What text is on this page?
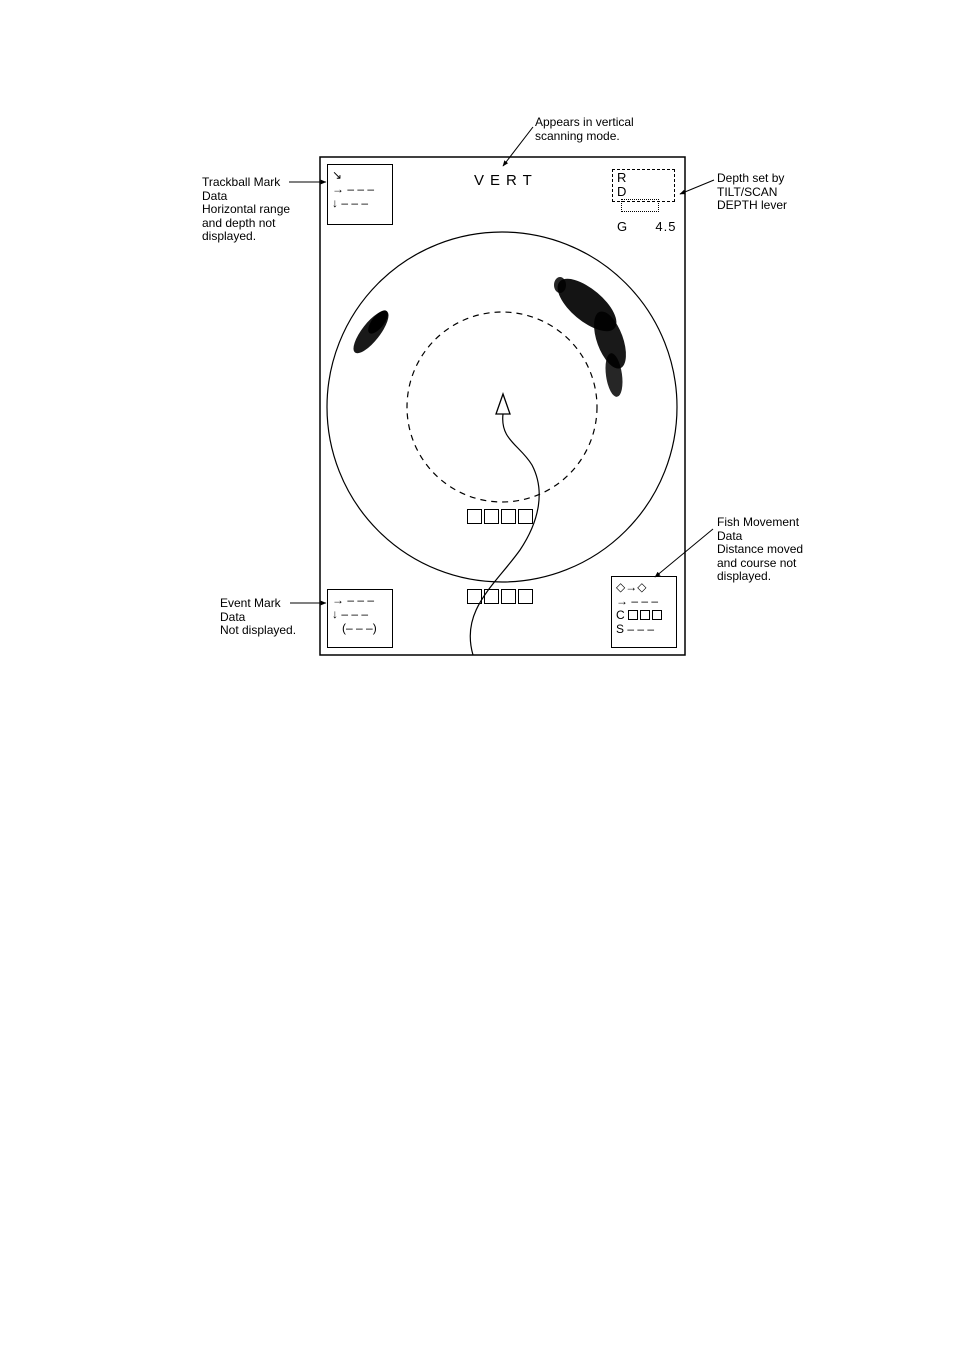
Appears in vertical
scanning mode.
Trackball Mark
Data
Horizontal range
and depth not
displayed.
Depth set by
TILT/SCAN
DEPTH lever
Fish Movement
Data
Distance moved
and course not
displayed.
Event Mark
Data
Not displayed.
VERT	R
D
G 4.5
↘
→ – – –
↓ – – –
→ – – –
↓ – – –
(– – –)
◇→◇
→ – – –
C
S – – –
